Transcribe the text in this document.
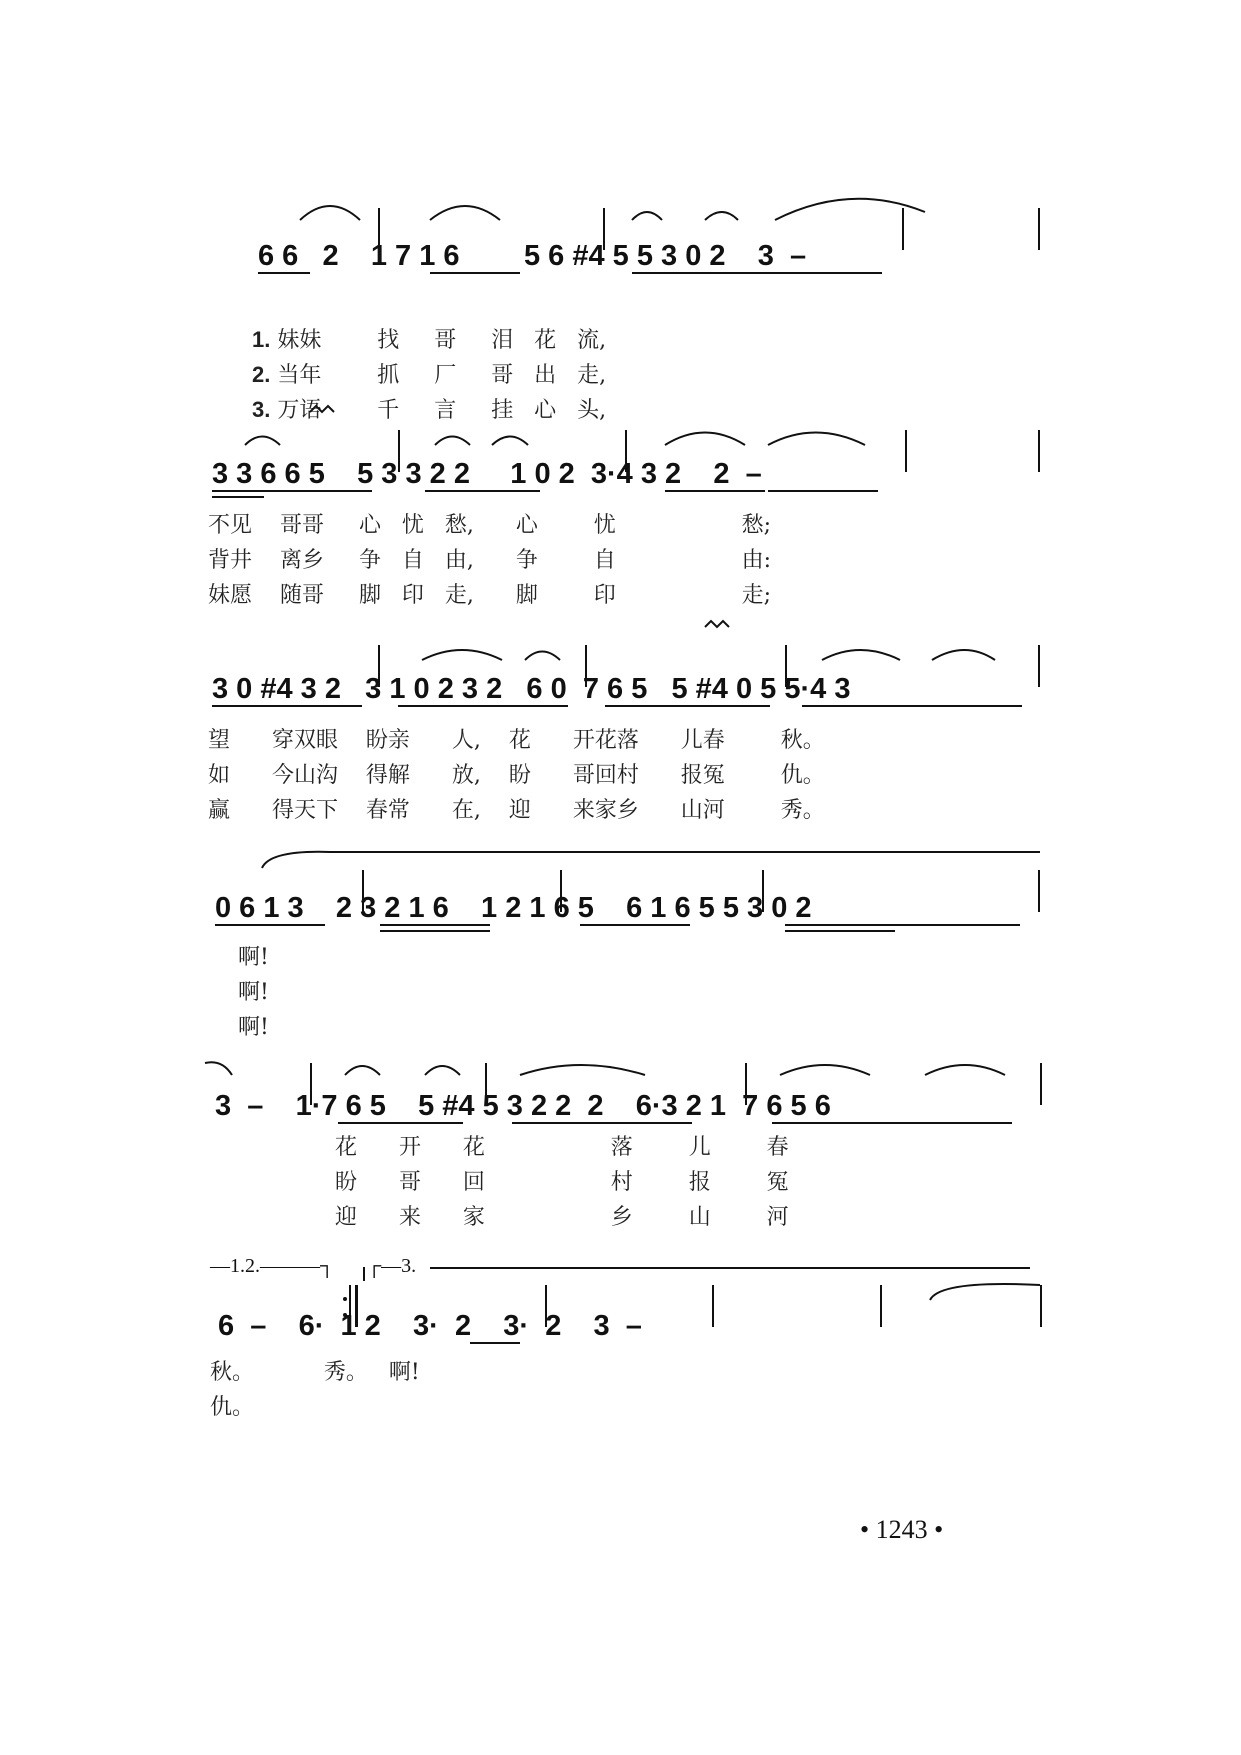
6 6   2    1 7 1 6        5 6 #4 5 5 3 0 2    3  –

1. 妹妹        找     哥     泪   花   流,

2. 当年        抓     厂     哥   出   走,

3. 万语        千     言     挂   心   头,

3 3 6 6 5    5 3 3 2 2     1 0 2  3·4 3 2    2  –
不见    哥哥     心   忧   愁,      心        忧                  愁;
背井    离乡     争   自   由,      争        自                  由:
妹愿    随哥     脚   印   走,      脚        印                  走;
3 0 #4 3 2   3 1 0 2 3 2   6 0  7 6 5   5 #4 0 5 5·4 3
望      穿双眼    盼亲      人,    花      开花落      儿春        秋。
如      今山沟    得解      放,    盼      哥回村      报冤        仇。
赢      得天下    春常      在,    迎      来家乡      山河        秀。
0 6 1 3    2 3 2 1 6    1 2 1 6 5    6 1 6 5 5 3 0 2
啊!
啊!
啊!
3  –    1·7 6 5    5 #4 5 3 2 2  2    6·3 2 1  7 6 5 6
花      开      花                  落        儿        春
盼      哥      回                  村        报        冤
迎      来      家                  乡        山        河
—1.2.———┐ ┌—3.
6  –    6·  1 2    3·  2    3·  2    3  –
秋。          秀。   啊!
仇。
• 1243 •
